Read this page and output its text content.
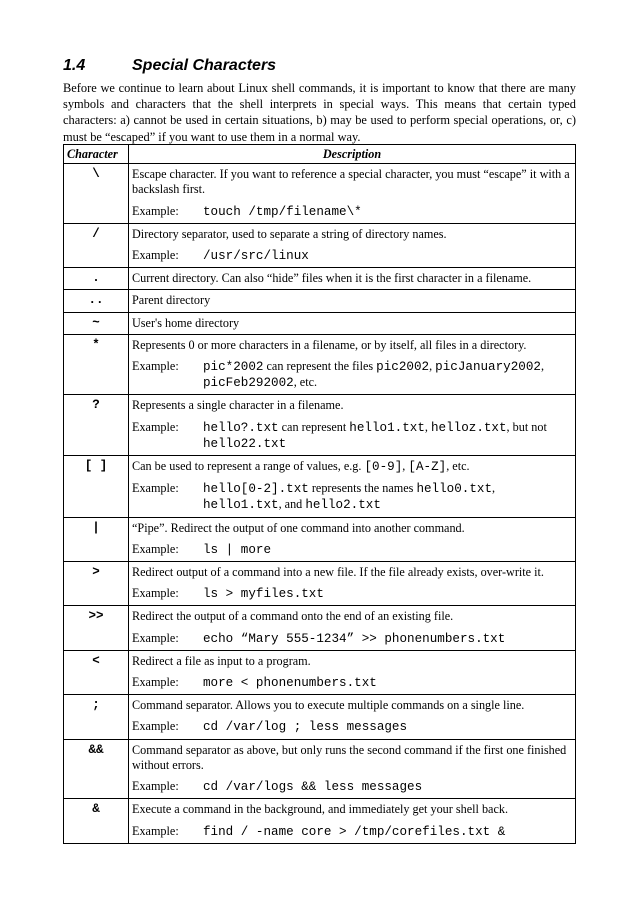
1.4	Special Characters
Before we continue to learn about Linux shell commands, it is important to know that there are many symbols and characters that the shell interprets in special ways. This means that certain typed characters: a) cannot be used in certain situations, b) may be used to perform special operations, or, c) must be “escaped” if you want to use them in a normal way.
Character	Description
\	Escape character. If you want to reference a special character, you must “escape” it with a backslash first.
Example: touch /tmp/filename\*

/	Directory separator, used to separate a string of directory names.
Example: /usr/src/linux

.	Current directory. Can also “hide” files when it is the first character in a filename.

..	Parent directory

~	User's home directory

*	Represents 0 or more characters in a filename, or by itself, all files in a directory.
Example: pic*2002 can represent the files pic2002, picJanuary2002, picFeb292002, etc.

?	Represents a single character in a filename.
Example: hello?.txt can represent hello1.txt, helloz.txt, but not hello22.txt

[ ]	Can be used to represent a range of values, e.g. [0-9], [A-Z], etc.
Example: hello[0-2].txt represents the names hello0.txt, hello1.txt, and hello2.txt

|	“Pipe”. Redirect the output of one command into another command.
Example: ls | more

>	Redirect output of a command into a new file. If the file already exists, over-write it.
Example: ls > myfiles.txt

>>	Redirect the output of a command onto the end of an existing file.
Example: echo “Mary 555-1234” >> phonenumbers.txt

<	Redirect a file as input to a program.
Example: more < phonenumbers.txt

;	Command separator. Allows you to execute multiple commands on a single line.
Example: cd /var/log ; less messages

&&	Command separator as above, but only runs the second command if the first one finished without errors.
Example: cd /var/logs && less messages

&	Execute a command in the background, and immediately get your shell back.
Example: find / -name core > /tmp/corefiles.txt &
